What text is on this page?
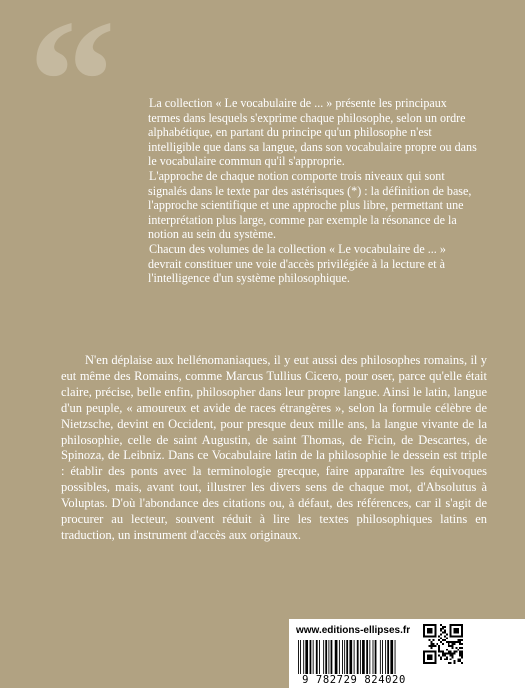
“	La collection « Le vocabulaire de ... » présente les principaux termes dans lesquels s'exprime chaque philosophe, selon un ordre alphabétique, en partant du principe qu'un philosophe n'est intelligible que dans sa langue, dans son vocabulaire propre ou dans le vocabulaire commun qu'il s'approprie.

L'approche de chaque notion comporte trois niveaux qui sont signalés dans le texte par des astérisques (*) : la définition de base, l'approche scientifique et une approche plus libre, permettant une interprétation plus large, comme par exemple la résonance de la notion au sein du système.

Chacun des volumes de la collection « Le vocabulaire de ... » devrait constituer une voie d'accès privilégiée à la lecture et à l'intelligence d'un système philosophique.

N'en déplaise aux hellénomaniaques, il y eut aussi des philosophes romains, il y eut même des Romains, comme Marcus Tullius Cicero, pour oser, parce qu'elle était claire, précise, belle enfin, philosopher dans leur propre langue. Ainsi le latin, langue d'un peuple, « amoureux et avide de races étrangères », selon la formule célèbre de Nietzsche, devint en Occident, pour presque deux mille ans, la langue vivante de la philosophie, celle de saint Augustin, de saint Thomas, de Ficin, de Descartes, de Spinoza, de Leibniz. Dans ce Vocabulaire latin de la philosophie le dessein est triple : établir des ponts avec la terminologie grecque, faire apparaître les équivoques possibles, mais, avant tout, illustrer les divers sens de chaque mot, d'Absolutus à Voluptas. D'où l'abondance des citations ou, à défaut, des références, car il s'agit de procurer au lecteur, souvent réduit à lire les textes philosophiques latins en traduction, un instrument d'accès aux originaux.

www.editions-ellipses.fr
9 782729 824020
